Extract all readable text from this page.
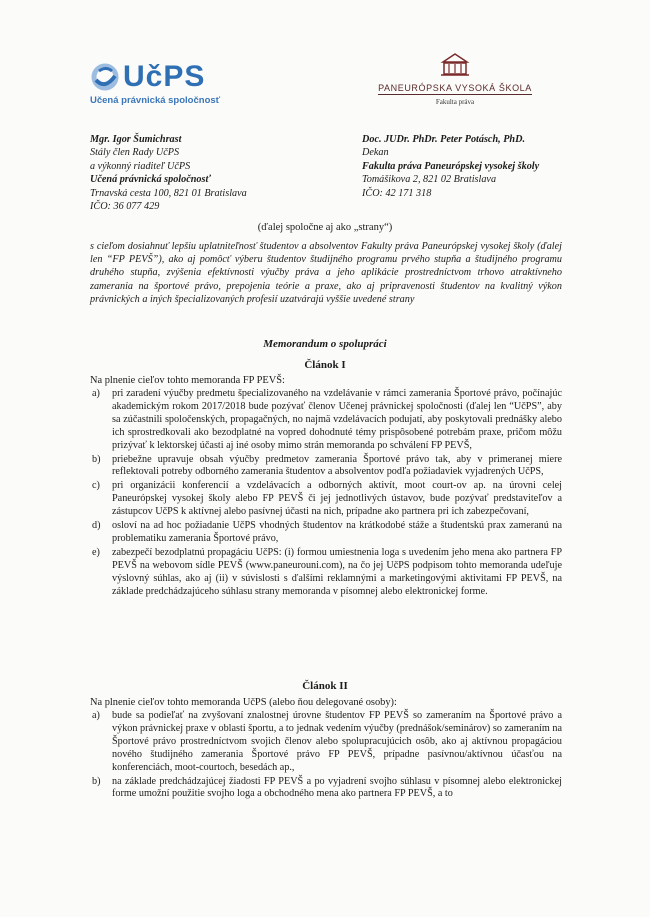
UčPS
Učená právnická spoločnosť
PANEURÓPSKA VYSOKÁ ŠKOLA
Fakulta práva
Mgr. Igor Šumichrast
Stály člen Rady UčPS
a výkonný riaditeľ UčPS
Učená právnická spoločnosť
Trnavská cesta 100, 821 01 Bratislava
IČO: 36 077 429
Doc. JUDr. PhDr. Peter Potásch, PhD.
Dekan
Fakulta práva Paneurópskej vysokej školy
Tomášikova 2, 821 02 Bratislava
IČO: 42 171 318
(ďalej spoločne aj ako „strany“)
s cieľom dosiahnuť lepšiu uplatniteľnosť študentov a absolventov Fakulty práva Paneurópskej vysokej školy (ďalej len “FP PEVŠ”), ako aj pomôcť výberu študentov študijného programu prvého stupňa a študijného programu druhého stupňa, zvýšenia efektívnosti výučby práva a jeho aplikácie prostredníctvom trhovo atraktívneho zamerania na športové právo, prepojenia teórie a praxe, ako aj pripravenosti študentov na kvalitný výkon právnických a iných špecializovaných profesií uzatvárajú vyššie uvedené strany
Memorandum o spolupráci
Článok I
Na plnenie cieľov tohto memoranda FP PEVŠ:
a) pri zaradení výučby predmetu špecializovaného na vzdelávanie v rámci zamerania Športové právo, počínajúc akademickým rokom 2017/2018 bude pozývať členov Učenej právnickej spoločnosti (ďalej len “UčPS”, aby sa zúčastnili spoločenských, propagačných, no najmä vzdelávacích podujatí, aby poskytovali prednášky alebo ich sprostredkovali ako bezodplatné na vopred dohodnuté témy prispôsobené potrebám praxe, pričom môžu prizývať k lektorskej účasti aj iné osoby mimo strán memoranda po schválení FP PEVŠ,
b) priebežne upravuje obsah výučby predmetov zamerania Športové právo tak, aby v primeranej miere reflektovali potreby odborného zamerania študentov a absolventov podľa požiadaviek vyjadrených UčPS,
c) pri organizácii konferencií a vzdelávacích a odborných aktivít, moot court-ov ap. na úrovni celej Paneurópskej vysokej školy alebo FP PEVŠ či jej jednotlivých ústavov, bude pozývať predstaviteľov a zástupcov UčPS k aktívnej alebo pasívnej účasti na nich, prípadne ako partnera pri ich zabezpečovaní,
d) osloví na ad hoc požiadanie UčPS vhodných študentov na krátkodobé stáže a študentskú prax zameranú na problematiku zamerania Športové právo,
e) zabezpečí bezodplatnú propagáciu UčPS: (i) formou umiestnenia loga s uvedením jeho mena ako partnera FP PEVŠ na webovom sídle PEVŠ (www.paneurouni.com), na čo jej UčPS podpisom tohto memoranda udeľuje výslovný súhlas, ako aj (ii) v súvislosti s ďalšími reklamnými a marketingovými aktivitami FP PEVŠ, na základe predchádzajúceho súhlasu strany memoranda v písomnej alebo elektronickej forme.
Článok II
Na plnenie cieľov tohto memoranda UčPS (alebo ňou delegované osoby):
a) bude sa podieľať na zvyšovaní znalostnej úrovne študentov FP PEVŠ so zameraním na Športové právo a výkon právnickej praxe v oblasti športu, a to jednak vedením výučby (prednášok/seminárov) so zameraním na Športové právo prostredníctvom svojich členov alebo spolupracujúcich osôb, ako aj aktívnou propagáciou nového študijného zamerania Športové právo FP PEVŠ, prípadne pasívnou/aktívnou účasťou na konferenciách, moot-courtoch, besedách ap.,
b) na základe predchádzajúcej žiadosti FP PEVŠ a po vyjadrení svojho súhlasu v písomnej alebo elektronickej forme umožní použitie svojho loga a obchodného mena ako partnera FP PEVŠ, a to
